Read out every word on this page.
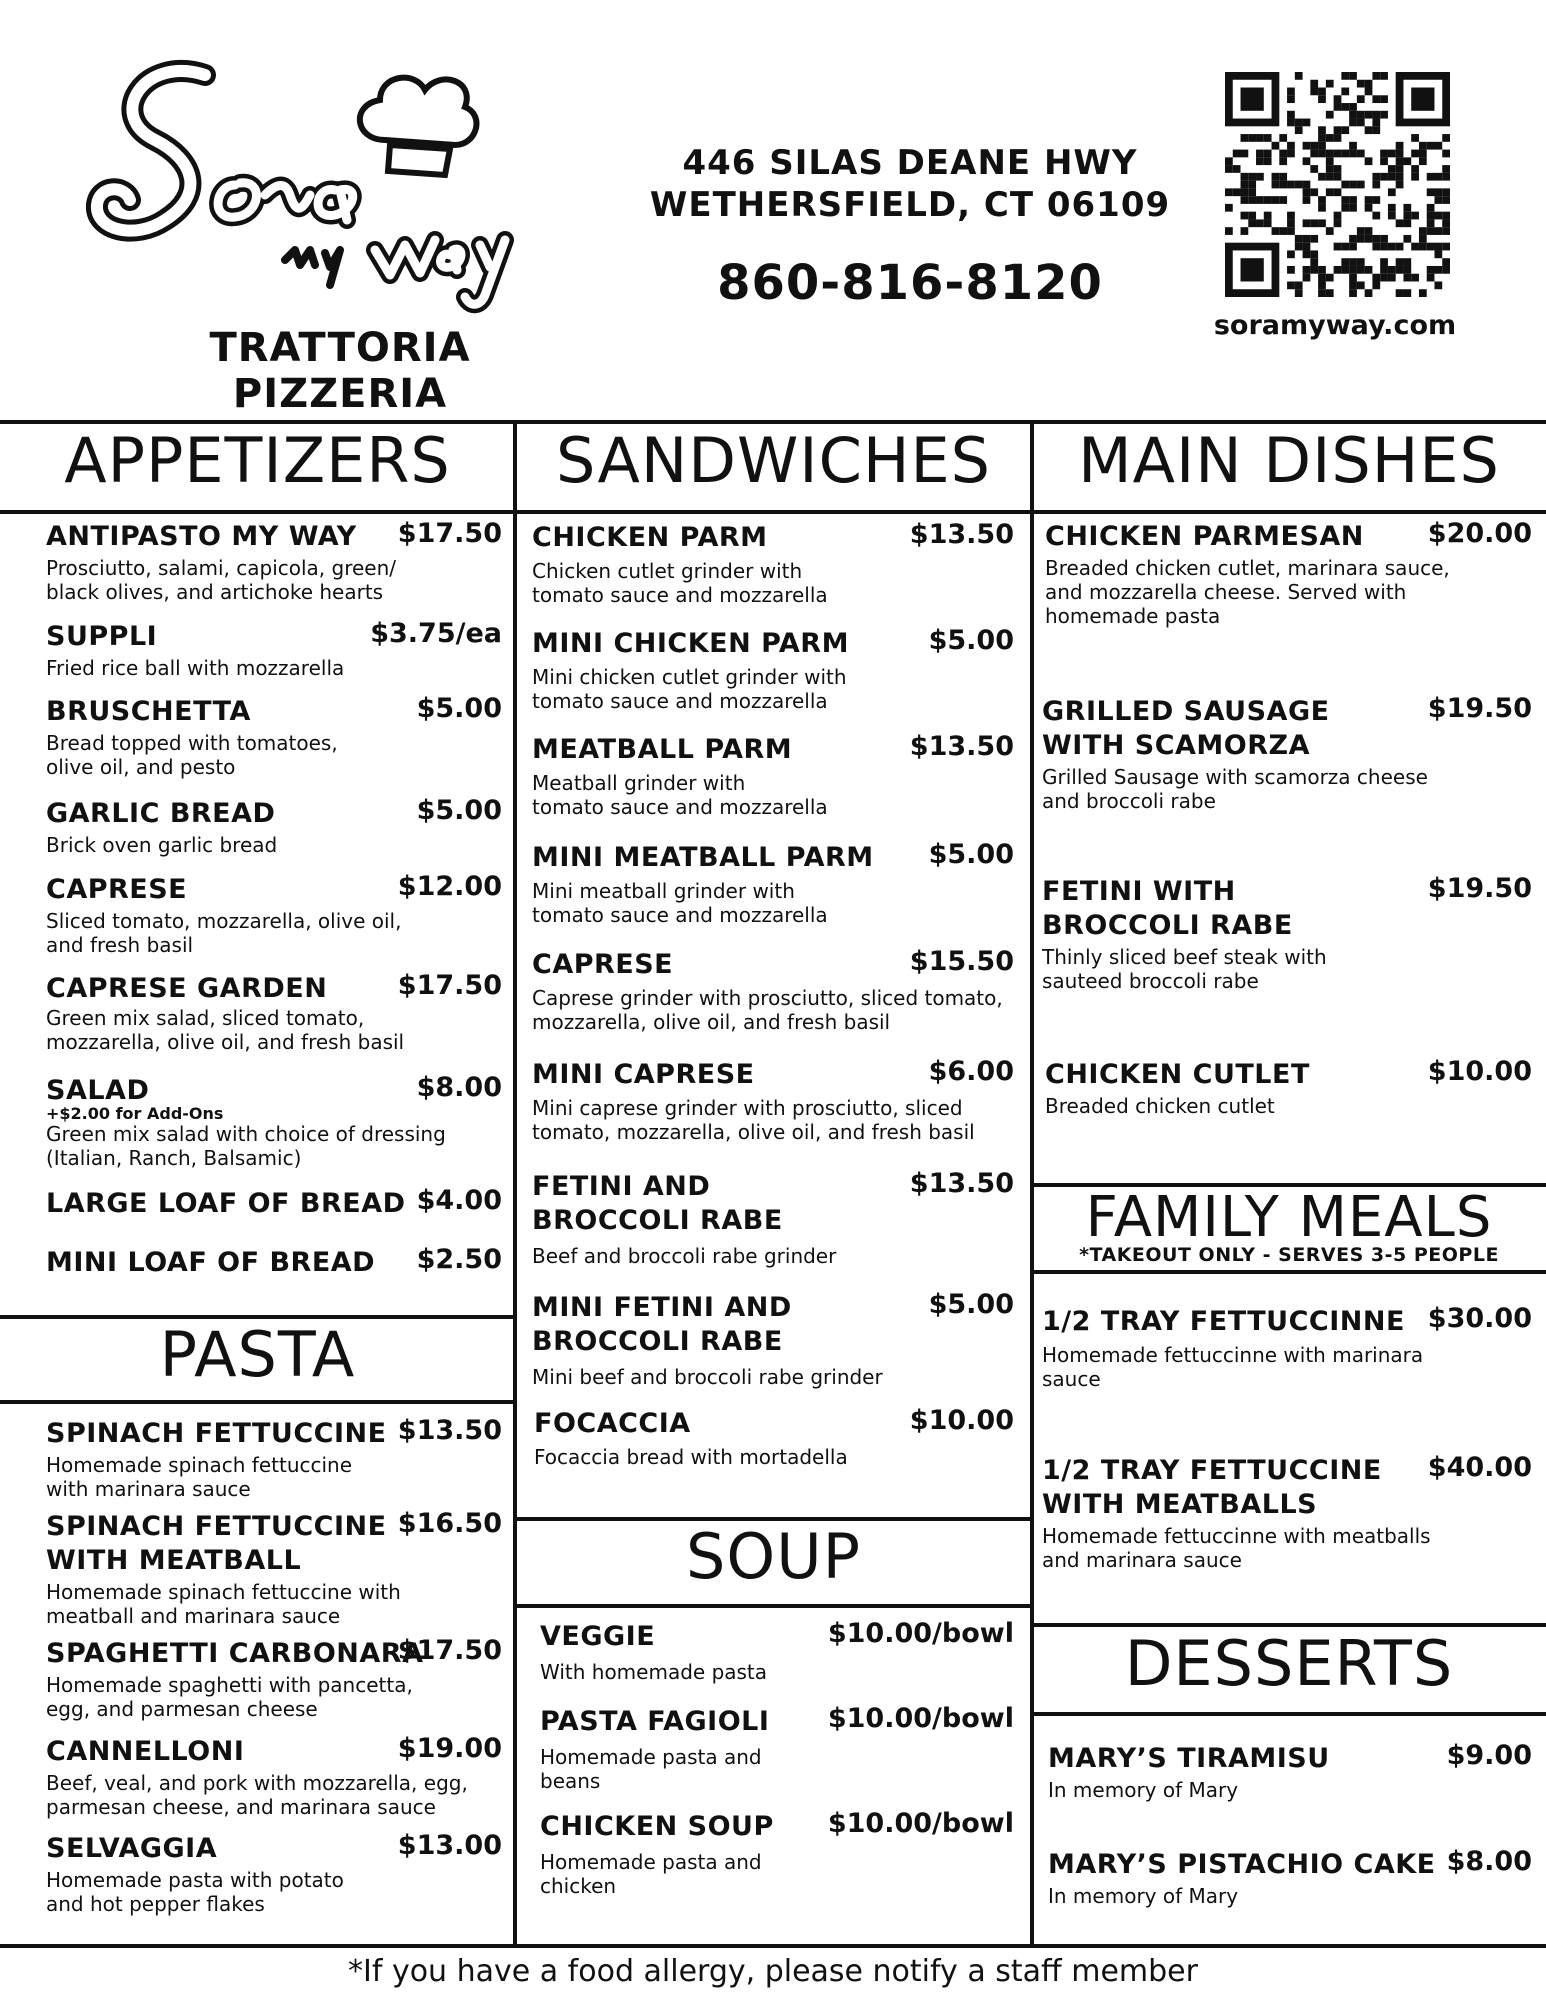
TRATTORIA PIZZERIA
446 SILAS DEANE HWY
WETHERSFIELD, CT 06109
860-816-8120
soramyway.com
APPETIZERS	SANDWICHES	MAIN DISHES
PASTA
SOUP
FAMILY MEALS
*TAKEOUT ONLY - SERVES 3-5 PEOPLE
DESSERTS
ANTIPASTO MY WAY $17.50
Prosciutto, salami, capicola, green/
black olives, and artichoke hearts
SUPPLI	$3.75/ea
Fried rice ball with mozzarella
BRUSCHETTA	$5.00
Bread topped with tomatoes,
olive oil, and pesto
GARLIC BREAD	$5.00
Brick oven garlic bread
CAPRESE	$12.00
Sliced tomato, mozzarella, olive oil,
and fresh basil
CAPRESE GARDEN	$17.50
Green mix salad, sliced tomato,
mozzarella, olive oil, and fresh basil
SALAD	$8.00
+$2.00 for Add-Ons
Green mix salad with choice of dressing
(Italian, Ranch, Balsamic)
LARGE LOAF OF BREAD $4.00
MINI LOAF OF BREAD $2.50
SPINACH FETTUCCINE $13.50
Homemade spinach fettuccine
with marinara sauce
SPINACH FETTUCCINE
WITH MEATBALL
$16.50
Homemade spinach fettuccine with
meatball and marinara sauce
SPAGHETTI CARBONARA
$17.50
Homemade spaghetti with pancetta,
egg, and parmesan cheese
CANNELLONI	$19.00
Beef, veal, and pork with mozzarella, egg,
parmesan cheese, and marinara sauce
SELVAGGIA	$13.00
Homemade pasta with potato
and hot pepper flakes
CHICKEN PARM	$13.50
Chicken cutlet grinder with
tomato sauce and mozzarella
MINI CHICKEN PARM	$5.00
Mini chicken cutlet grinder with
tomato sauce and mozzarella
MEATBALL PARM	$13.50
Meatball grinder with
tomato sauce and mozzarella
MINI MEATBALL PARM $5.00
Mini meatball grinder with
tomato sauce and mozzarella
CAPRESE	$15.50
Caprese grinder with prosciutto, sliced tomato,
mozzarella, olive oil, and fresh basil
MINI CAPRESE	$6.00
Mini caprese grinder with prosciutto, sliced
tomato, mozzarella, olive oil, and fresh basil
FETINI AND
BROCCOLI RABE
$13.50
Beef and broccoli rabe grinder
MINI FETINI AND
BROCCOLI RABE
$5.00
Mini beef and broccoli rabe grinder
FOCACCIA	$10.00
Focaccia bread with mortadella
VEGGIE	$10.00/bowl
With homemade pasta
PASTA FAGIOLI $10.00/bowl
Homemade pasta and
beans
CHICKEN SOUP $10.00/bowl
Homemade pasta and
chicken
CHICKEN PARMESAN $20.00
Breaded chicken cutlet, marinara sauce,
and mozzarella cheese. Served with
homemade pasta
GRILLED SAUSAGE
WITH SCAMORZA
$19.50
Grilled Sausage with scamorza cheese
and broccoli rabe
FETINI WITH
BROCCOLI RABE
$19.50
Thinly sliced beef steak with
sauteed broccoli rabe
CHICKEN CUTLET	$10.00
Breaded chicken cutlet
1/2 TRAY FETTUCCINNE $30.00
Homemade fettuccinne with marinara
sauce
1/2 TRAY FETTUCCINE
WITH MEATBALLS
$40.00
Homemade fettuccinne with meatballs
and marinara sauce
MARY’S TIRAMISU	$9.00
In memory of Mary
MARY’S PISTACHIO CAKE $8.00
In memory of Mary
*If you have a food allergy, please notify a staff member
